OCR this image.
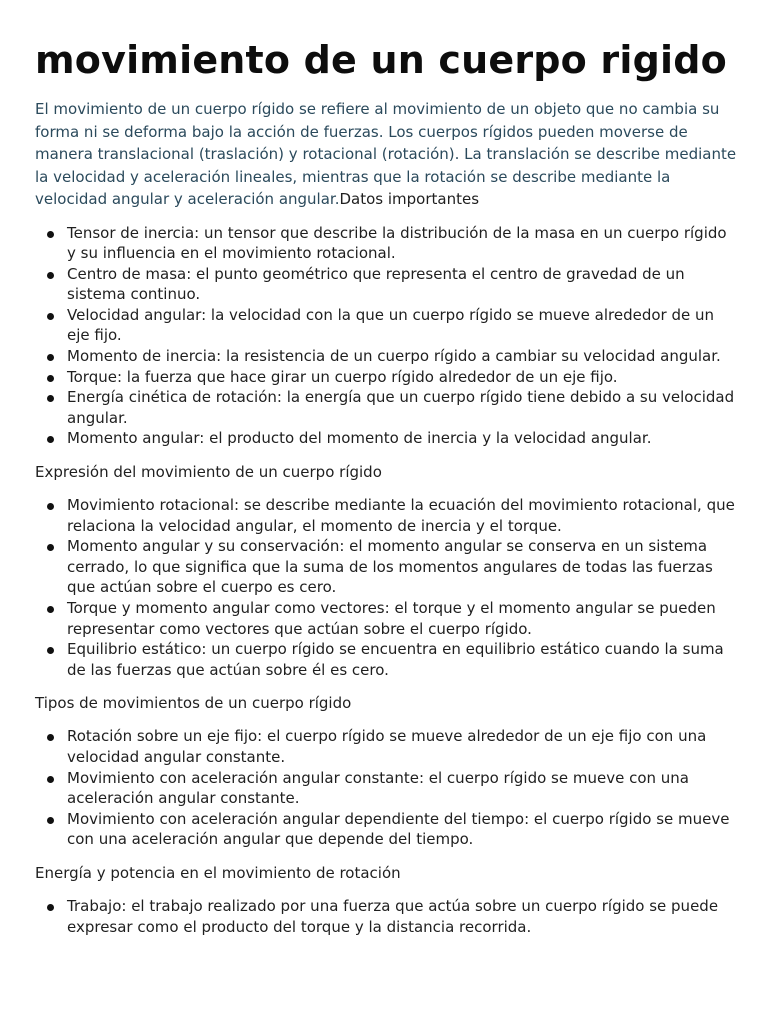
movimiento de un cuerpo rigido

El movimiento de un cuerpo rígido se refiere al movimiento de un objeto que no cambia su forma ni se deforma bajo la acción de fuerzas. Los cuerpos rígidos pueden moverse de manera translacional (traslación) y rotacional (rotación). La translación se describe mediante la velocidad y aceleración lineales, mientras que la rotación se describe mediante la velocidad angular y aceleración angular.Datos importantes

Tensor de inercia: un tensor que describe la distribución de la masa en un cuerpo rígido y su influencia en el movimiento rotacional.
Centro de masa: el punto geométrico que representa el centro de gravedad de un sistema continuo.
Velocidad angular: la velocidad con la que un cuerpo rígido se mueve alrededor de un eje fijo.
Momento de inercia: la resistencia de un cuerpo rígido a cambiar su velocidad angular.
Torque: la fuerza que hace girar un cuerpo rígido alrededor de un eje fijo.
Energía cinética de rotación: la energía que un cuerpo rígido tiene debido a su velocidad angular.
Momento angular: el producto del momento de inercia y la velocidad angular.

Expresión del movimiento de un cuerpo rígido

Movimiento rotacional: se describe mediante la ecuación del movimiento rotacional, que relaciona la velocidad angular, el momento de inercia y el torque.
Momento angular y su conservación: el momento angular se conserva en un sistema cerrado, lo que significa que la suma de los momentos angulares de todas las fuerzas que actúan sobre el cuerpo es cero.
Torque y momento angular como vectores: el torque y el momento angular se pueden representar como vectores que actúan sobre el cuerpo rígido.
Equilibrio estático: un cuerpo rígido se encuentra en equilibrio estático cuando la suma de las fuerzas que actúan sobre él es cero.

Tipos de movimientos de un cuerpo rígido

Rotación sobre un eje fijo: el cuerpo rígido se mueve alrededor de un eje fijo con una velocidad angular constante.
Movimiento con aceleración angular constante: el cuerpo rígido se mueve con una aceleración angular constante.
Movimiento con aceleración angular dependiente del tiempo: el cuerpo rígido se mueve con una aceleración angular que depende del tiempo.

Energía y potencia en el movimiento de rotación

Trabajo: el trabajo realizado por una fuerza que actúa sobre un cuerpo rígido se puede expresar como el producto del torque y la distancia recorrida.
